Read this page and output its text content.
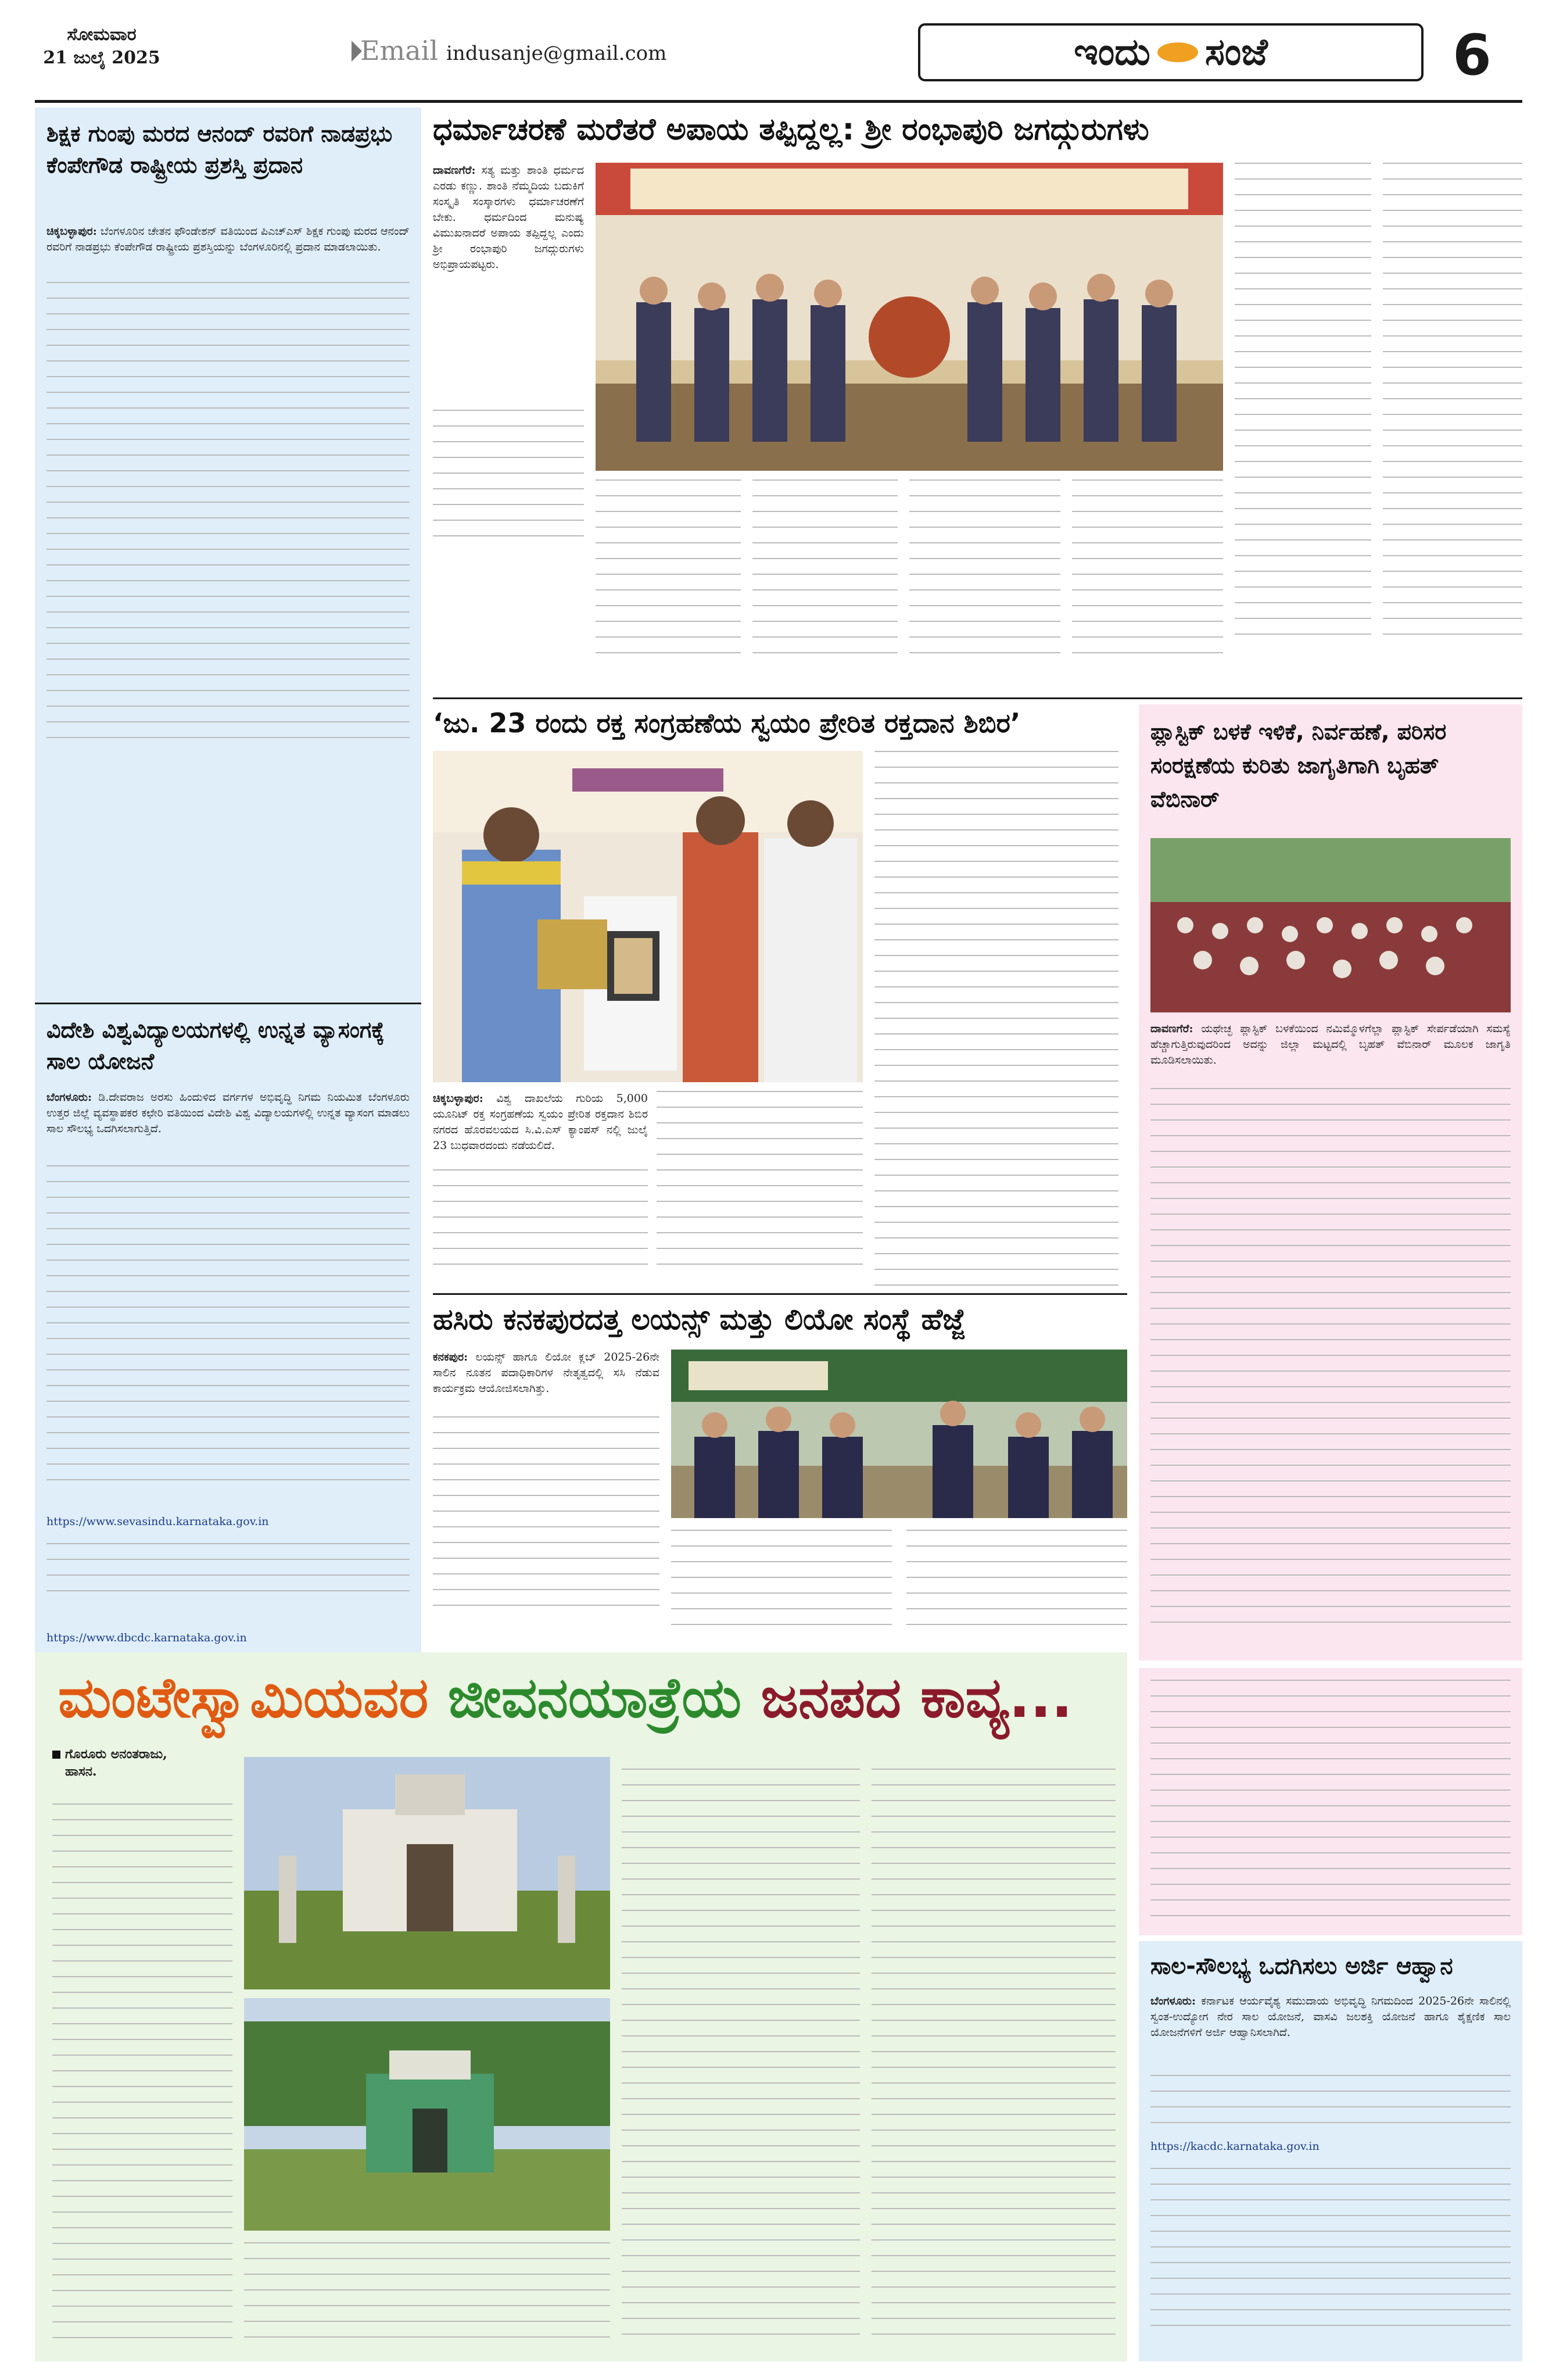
ಸೋಮವಾರ
21 ಜುಲೈ 2025	Email indusanje@gmail.com	ಇಂದು ಸಂಜೆ	6
ಶಿಕ್ಷಕ ಗುಂಪು ಮರದ ಆನಂದ್ ರವರಿಗೆ ನಾಡಪ್ರಭು ಕೆಂಪೇಗೌಡ ರಾಷ್ಟ್ರೀಯ ಪ್ರಶಸ್ತಿ ಪ್ರದಾನ
ಚಿಕ್ಕಬಳ್ಳಾಪುರ: ಬೆಂಗಳೂರಿನ ಚೇತನ ಫೌಂಡೇಶನ್ ವತಿಯಿಂದ ಪಿಎಚ್‌ಎಸ್ ಶಿಕ್ಷಕ ಗುಂಪು ಮರದ ಆನಂದ್ ರವರಿಗೆ ನಾಡಪ್ರಭು ಕೆಂಪೇಗೌಡ ರಾಷ್ಟ್ರೀಯ ಪ್ರಶಸ್ತಿಯನ್ನು ಬೆಂಗಳೂರಿನಲ್ಲಿ ಪ್ರದಾನ ಮಾಡಲಾಯಿತು.
ವಿದೇಶಿ ವಿಶ್ವವಿದ್ಯಾಲಯಗಳಲ್ಲಿ ಉನ್ನತ ವ್ಯಾಸಂಗಕ್ಕೆ ಸಾಲ ಯೋಜನೆ
ಬೆಂಗಳೂರು: ಡಿ.ದೇವರಾಜ ಅರಸು ಹಿಂದುಳಿದ ವರ್ಗಗಳ ಅಭಿವೃದ್ಧಿ ನಿಗಮ ನಿಯಮಿತ ಬೆಂಗಳೂರು ಉತ್ತರ ಜಿಲ್ಲೆ ವ್ಯವಸ್ಥಾಪಕರ ಕಛೇರಿ ವತಿಯಿಂದ ವಿದೇಶಿ ವಿಶ್ವ ವಿದ್ಯಾಲಯಗಳಲ್ಲಿ ಉನ್ನತ ವ್ಯಾಸಂಗ ಮಾಡಲು ಸಾಲ ಸೌಲಭ್ಯ ಒದಗಿಸಲಾಗುತ್ತಿದೆ.
https://www.sevasindu.karnataka.gov.in
https://www.dbcdc.karnataka.gov.in
ಧರ್ಮಾಚರಣೆ ಮರೆತರೆ ಅಪಾಯ ತಪ್ಪಿದ್ದಲ್ಲ: ಶ್ರೀ ರಂಭಾಪುರಿ ಜಗದ್ಗುರುಗಳು
ದಾವಣಗೆರೆ: ಸತ್ಯ ಮತ್ತು ಶಾಂತಿ ಧರ್ಮದ ಎರಡು ಕಣ್ಣು. ಶಾಂತಿ ನೆಮ್ಮದಿಯ ಬದುಕಿಗೆ ಸಂಸ್ಕೃತಿ ಸಂಸ್ಕಾರಗಳು ಧರ್ಮಾಚರಣೆಗೆ ಬೇಕು. ಧರ್ಮದಿಂದ ಮನುಷ್ಯ ವಿಮುಖನಾದರೆ ಅಪಾಯ ತಪ್ಪಿದ್ದಲ್ಲ ಎಂದು ಶ್ರೀ ರಂಭಾಪುರಿ ಜಗದ್ಗುರುಗಳು ಅಭಿಪ್ರಾಯಪಟ್ಟರು.
‘ಜು. 23 ರಂದು ರಕ್ತ ಸಂಗ್ರಹಣೆಯ ಸ್ವಯಂ ಪ್ರೇರಿತ ರಕ್ತದಾನ ಶಿಬಿರ’
ಚಿಕ್ಕಬಳ್ಳಾಪುರ: ವಿಶ್ವ ದಾಖಲೆಯ ಗುರಿಯ 5,000 ಯೂನಿಟ್ ರಕ್ತ ಸಂಗ್ರಹಣೆಯ ಸ್ವಯಂ ಪ್ರೇರಿತ ರಕ್ತದಾನ ಶಿಬಿರ ನಗರದ ಹೊರವಲಯದ ಸಿ.ವಿ.ಎಸ್ ಕ್ಯಾಂಪಸ್ ನಲ್ಲಿ ಜುಲೈ 23 ಬುಧವಾರದಂದು ನಡೆಯಲಿದೆ.
ಹಸಿರು ಕನಕಪುರದತ್ತ ಲಯನ್ಸ್ ಮತ್ತು ಲಿಯೋ ಸಂಸ್ಥೆ ಹೆಜ್ಜೆ
ಕನಕಪುರ: ಲಯನ್ಸ್ ಹಾಗೂ ಲಿಯೋ ಕ್ಲಬ್ 2025-26ನೇ ಸಾಲಿನ ನೂತನ ಪದಾಧಿಕಾರಿಗಳ ನೇತೃತ್ವದಲ್ಲಿ ಸಸಿ ನೆಡುವ ಕಾರ್ಯಕ್ರಮ ಆಯೋಜಿಸಲಾಗಿತ್ತು.
ಪ್ಲಾಸ್ಟಿಕ್ ಬಳಕೆ ಇಳಿಕೆ, ನಿರ್ವಹಣೆ, ಪರಿಸರ ಸಂರಕ್ಷಣೆಯ ಕುರಿತು ಜಾಗೃತಿಗಾಗಿ ಬೃಹತ್ ವೆಬಿನಾರ್
ದಾವಣಗೆರೆ: ಯಥೇಚ್ಛ ಪ್ಲಾಸ್ಟಿಕ್ ಬಳಕೆಯಿಂದ ನಮಿಮ್ಮೊಳಗೆಲ್ಲಾ ಪ್ಲಾಸ್ಟಿಕ್ ಸೇರ್ಪಡೆಯಾಗಿ ಸಮಸ್ಯೆ ಹೆಚ್ಚಾಗುತ್ತಿರುವುದರಿಂದ ಅದನ್ನು ಜಿಲ್ಲಾ ಮಟ್ಟದಲ್ಲಿ ಬೃಹತ್ ವೆಬಿನಾರ್ ಮೂಲಕ ಜಾಗೃತಿ ಮೂಡಿಸಲಾಯಿತು.
ಸಾಲ-ಸೌಲಭ್ಯ ಒದಗಿಸಲು ಅರ್ಜಿ ಆಹ್ವಾನ
ಬೆಂಗಳೂರು: ಕರ್ನಾಟಕ ಆರ್ಯವೈಶ್ಯ ಸಮುದಾಯ ಅಭಿವೃದ್ಧಿ ನಿಗಮದಿಂದ 2025-26ನೇ ಸಾಲಿನಲ್ಲಿ ಸ್ವಂತ-ಉದ್ಯೋಗ ನೇರ ಸಾಲ ಯೋಜನೆ, ವಾಸವಿ ಜಲಶಕ್ತಿ ಯೋಜನೆ ಹಾಗೂ ಶೈಕ್ಷಣಿಕ ಸಾಲ ಯೋಜನೆಗಳಿಗೆ ಅರ್ಜಿ ಆಹ್ವಾನಿಸಲಾಗಿದೆ.
https://kacdc.karnataka.gov.in
ಮಂಟೇಸ್ವಾಮಿಯವರ ಜೀವನಯಾತ್ರೆಯ ಜನಪದ ಕಾವ್ಯ...
ಗೊರೂರು ಅನಂತರಾಜು,
ಹಾಸನ.
